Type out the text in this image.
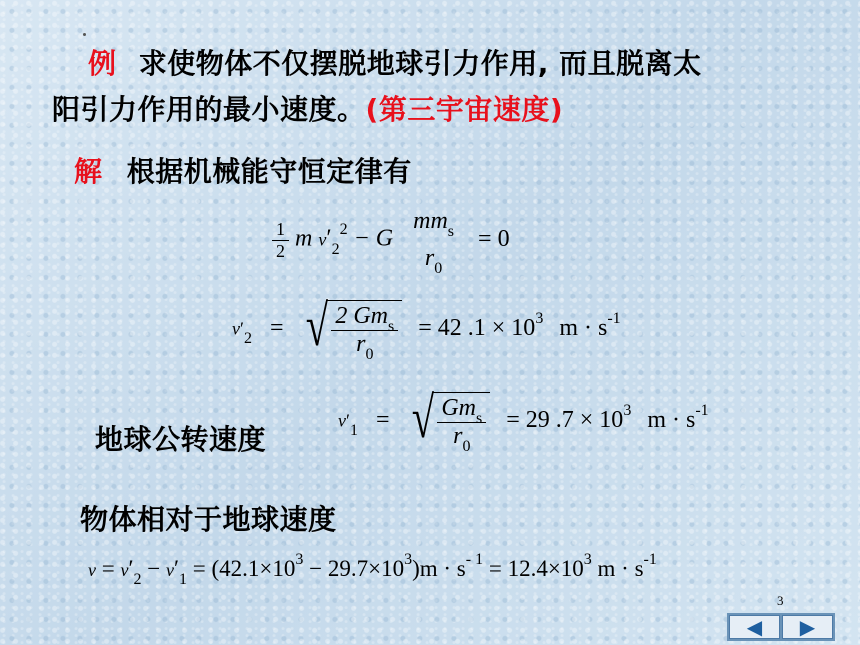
例 求使物体不仅摆脱地球引力作用, 而且脱离太
阳引力作用的最小速度。(第三宇宙速度)
解 根据机械能守恒定律有
$\frac{1}{2}$ m $v'_2^2 - G$
$mm_s$
$r_0$
= 0
$v'_2$ = √ $\frac{2 Gm_s}{r_0} = 42$ $.1 \times 10^3$ $m \cdot s^{-1}$
地球公转速度
$v'_1$ = √ $\frac{Gm_s}{r_0} = 29$ $.7 \times 10^3$ $m \cdot s^{-1}$
物体相对于地球速度
$v = v'_2 - v'_1 = (42.1\times 10^3 - 29.7\times 10^3)m \cdot s^{- 1} = 12.4\times 10^3$ $m \cdot s^{-1}$
3
◀ ▶
